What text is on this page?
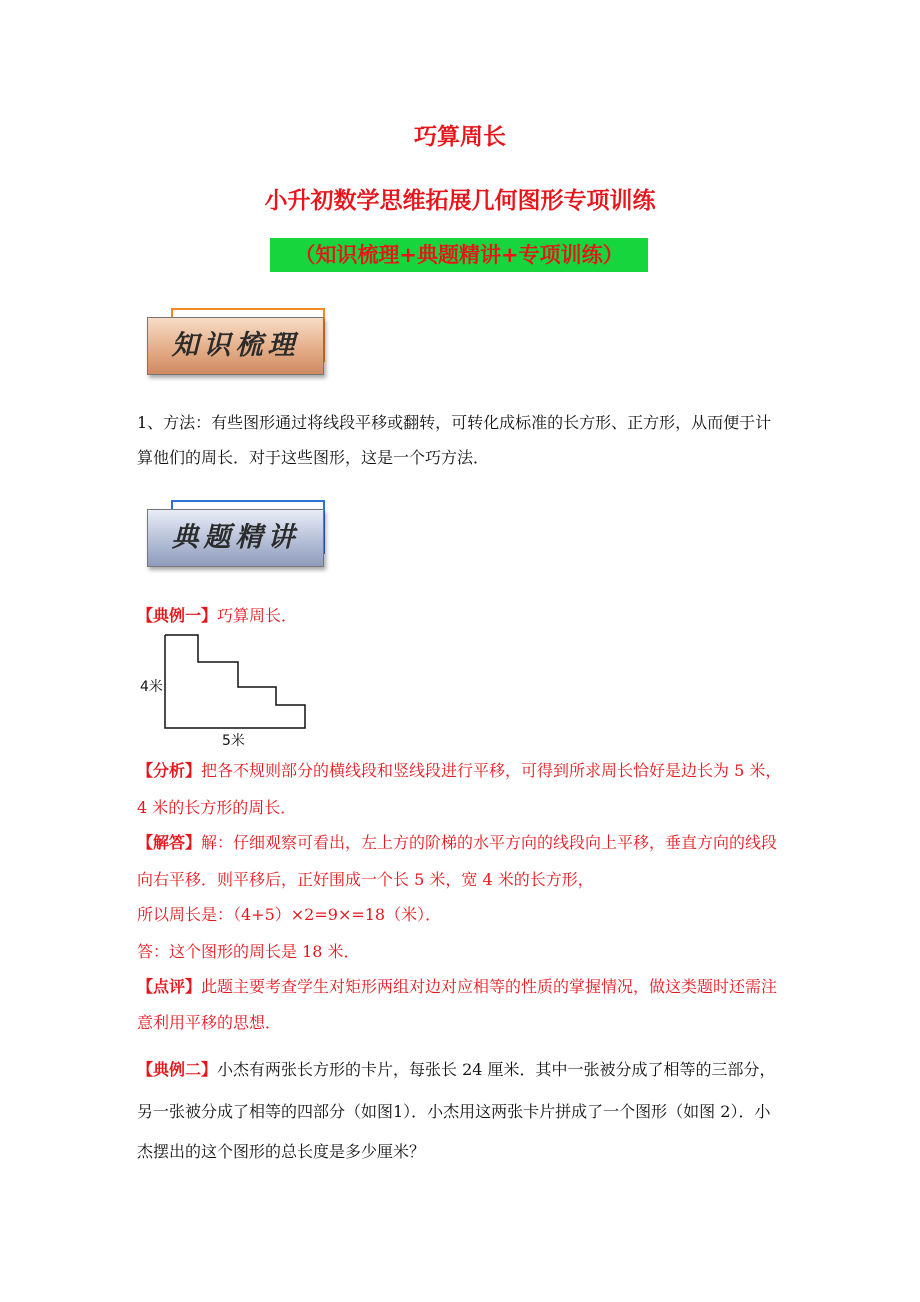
巧算周长
小升初数学思维拓展几何图形专项训练
（知识梳理+典题精讲+专项训练）
知识梳理

1、方法：有些图形通过将线段平移或翻转，可转化成标准的长方形、正方形，从而便于计

算他们的周长．对于这些图形，这是一个巧方法．

典题精讲

【典例一】巧算周长．

4米
5米

【分析】把各不规则部分的横线段和竖线段进行平移，可得到所求周长恰好是边长为 5 米，

4 米的长方形的周长．

【解答】解：仔细观察可看出，左上方的阶梯的水平方向的线段向上平移，垂直方向的线段

向右平移．则平移后，正好围成一个长 5 米，宽 4 米的长方形，

所以周长是：（4+5）×2=9×=18（米）．

答：这个图形的周长是 18 米．

【点评】此题主要考查学生对矩形两组对边对应相等的性质的掌握情况，做这类题时还需注

意利用平移的思想．

【典例二】小杰有两张长方形的卡片，每张长 24 厘米．其中一张被分成了相等的三部分，

另一张被分成了相等的四部分（如图1）．小杰用这两张卡片拼成了一个图形（如图 2）．小

杰摆出的这个图形的总长度是多少厘米？
